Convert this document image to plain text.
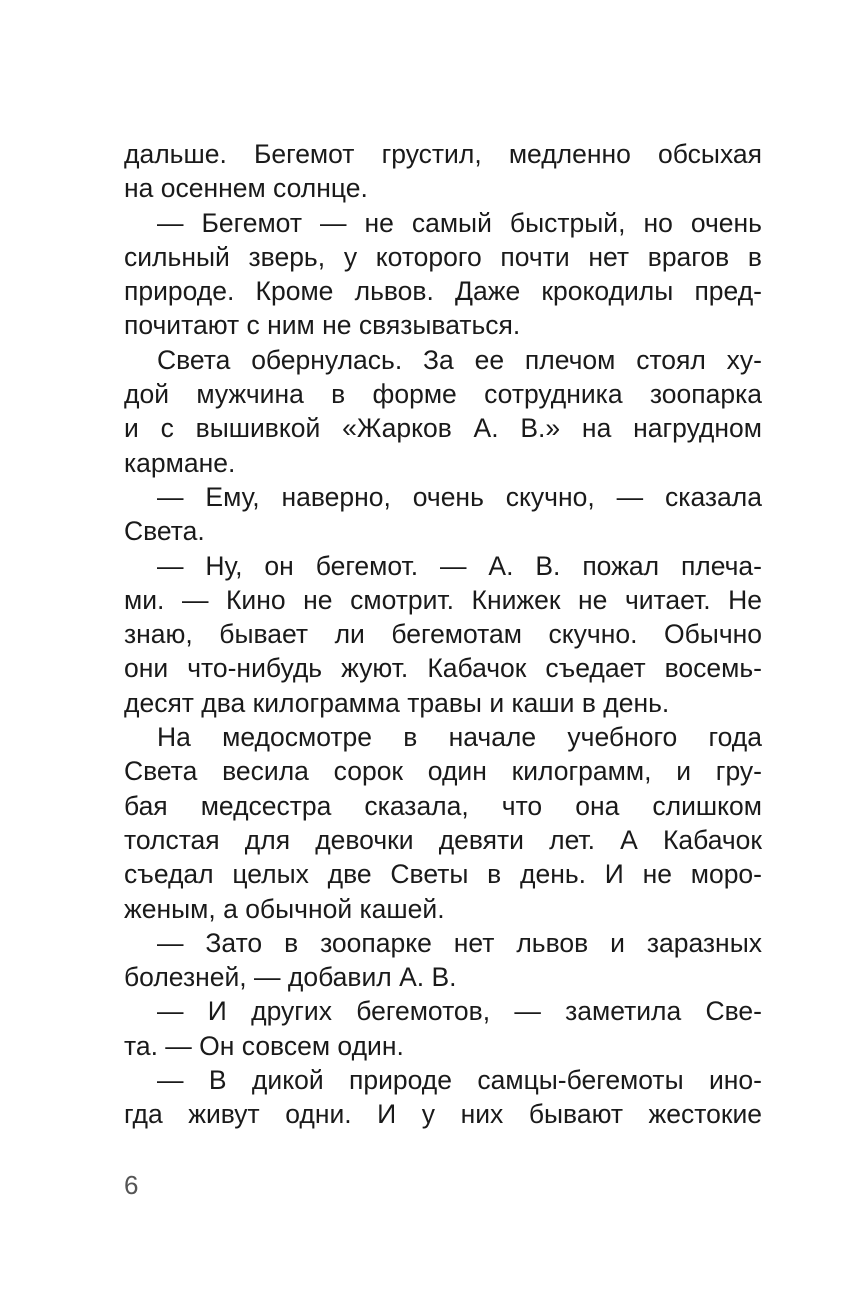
дальше. Бегемот грустил, медленно обсыхая
на осеннем солнце.
— Бегемот — не самый быстрый, но очень
сильный зверь, у которого почти нет врагов в
природе. Кроме львов. Даже крокодилы пред-
почитают с ним не связываться.
Света обернулась. За ее плечом стоял ху-
дой мужчина в форме сотрудника зоопарка
и с вышивкой «Жарков А. В.» на нагрудном
кармане.
— Ему, наверно, очень скучно, — сказала
Света.
— Ну, он бегемот. — А. В. пожал плеча-
ми. — Кино не смотрит. Книжек не читает. Не
знаю, бывает ли бегемотам скучно. Обычно
они что-нибудь жуют. Кабачок съедает восемь-
десят два килограмма травы и каши в день.
На медосмотре в начале учебного года
Света весила сорок один килограмм, и гру-
бая медсестра сказала, что она слишком
толстая для девочки девяти лет. А Кабачок
съедал целых две Светы в день. И не моро-
женым, а обычной кашей.
— Зато в зоопарке нет львов и заразных
болезней, — добавил А. В.
— И других бегемотов, — заметила Све-
та. — Он совсем один.
— В дикой природе самцы-бегемоты ино-
гда живут одни. И у них бывают жестокие
6
